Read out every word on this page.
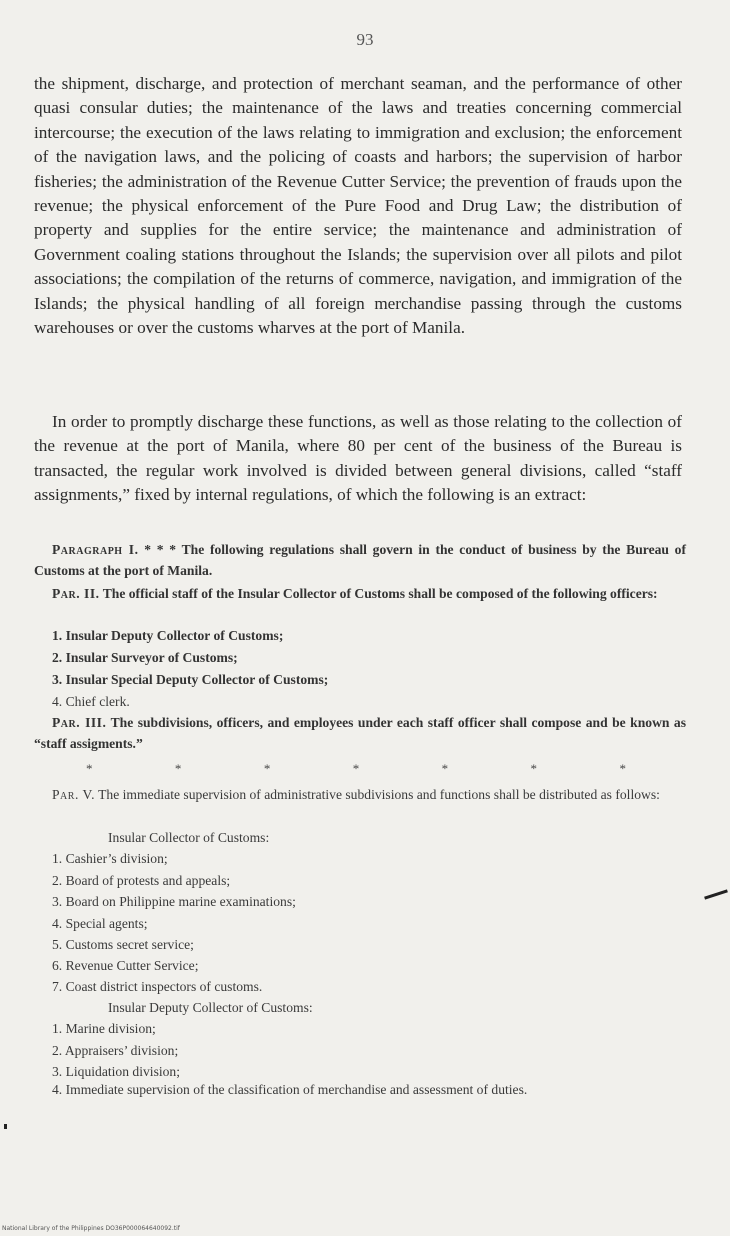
93

the shipment, discharge, and protection of merchant seaman, and the performance of other quasi consular duties; the maintenance of the laws and treaties concerning commercial intercourse; the execution of the laws relating to immigration and exclusion; the enforcement of the navigation laws, and the policing of coasts and harbors; the supervision of harbor fisheries; the administration of the Revenue Cutter Service; the prevention of frauds upon the revenue; the physical enforcement of the Pure Food and Drug Law; the distribution of property and supplies for the entire service; the maintenance and administration of Government coaling stations throughout the Islands; the supervision over all pilots and pilot associations; the compilation of the returns of commerce, navigation, and immigration of the Islands; the physical handling of all foreign merchandise passing through the customs warehouses or over the customs wharves at the port of Manila.

In order to promptly discharge these functions, as well as those relating to the collection of the revenue at the port of Manila, where 80 per cent of the business of the Bureau is transacted, the regular work involved is divided between general divisions, called “staff assignments,” fixed by internal regulations, of which the following is an extract:

Paragraph I. * * * The following regulations shall govern in the conduct of business by the Bureau of Customs at the port of Manila.

Par. II. The official staff of the Insular Collector of Customs shall be composed of the following officers:

1. Insular Deputy Collector of Customs;
2. Insular Surveyor of Customs;
3. Insular Special Deputy Collector of Customs;
4. Chief clerk.

Par. III. The subdivisions, officers, and employees under each staff officer shall compose and be known as “staff assigments.”

*	*	*	*	*	*	*

Par. V. The immediate supervision of administrative subdivisions and functions shall be distributed as follows:

Insular Collector of Customs:
1. Cashier’s division;
2. Board of protests and appeals;
3. Board on Philippine marine examinations;
4. Special agents;
5. Customs secret service;
6. Revenue Cutter Service;
7. Coast district inspectors of customs.
Insular Deputy Collector of Customs:
1. Marine division;
2. Appraisers’ division;
3. Liquidation division;

4. Immediate supervision of the classification of merchandise and assessment of duties.

National Library of the Philippines DO36P000064640092.tif
